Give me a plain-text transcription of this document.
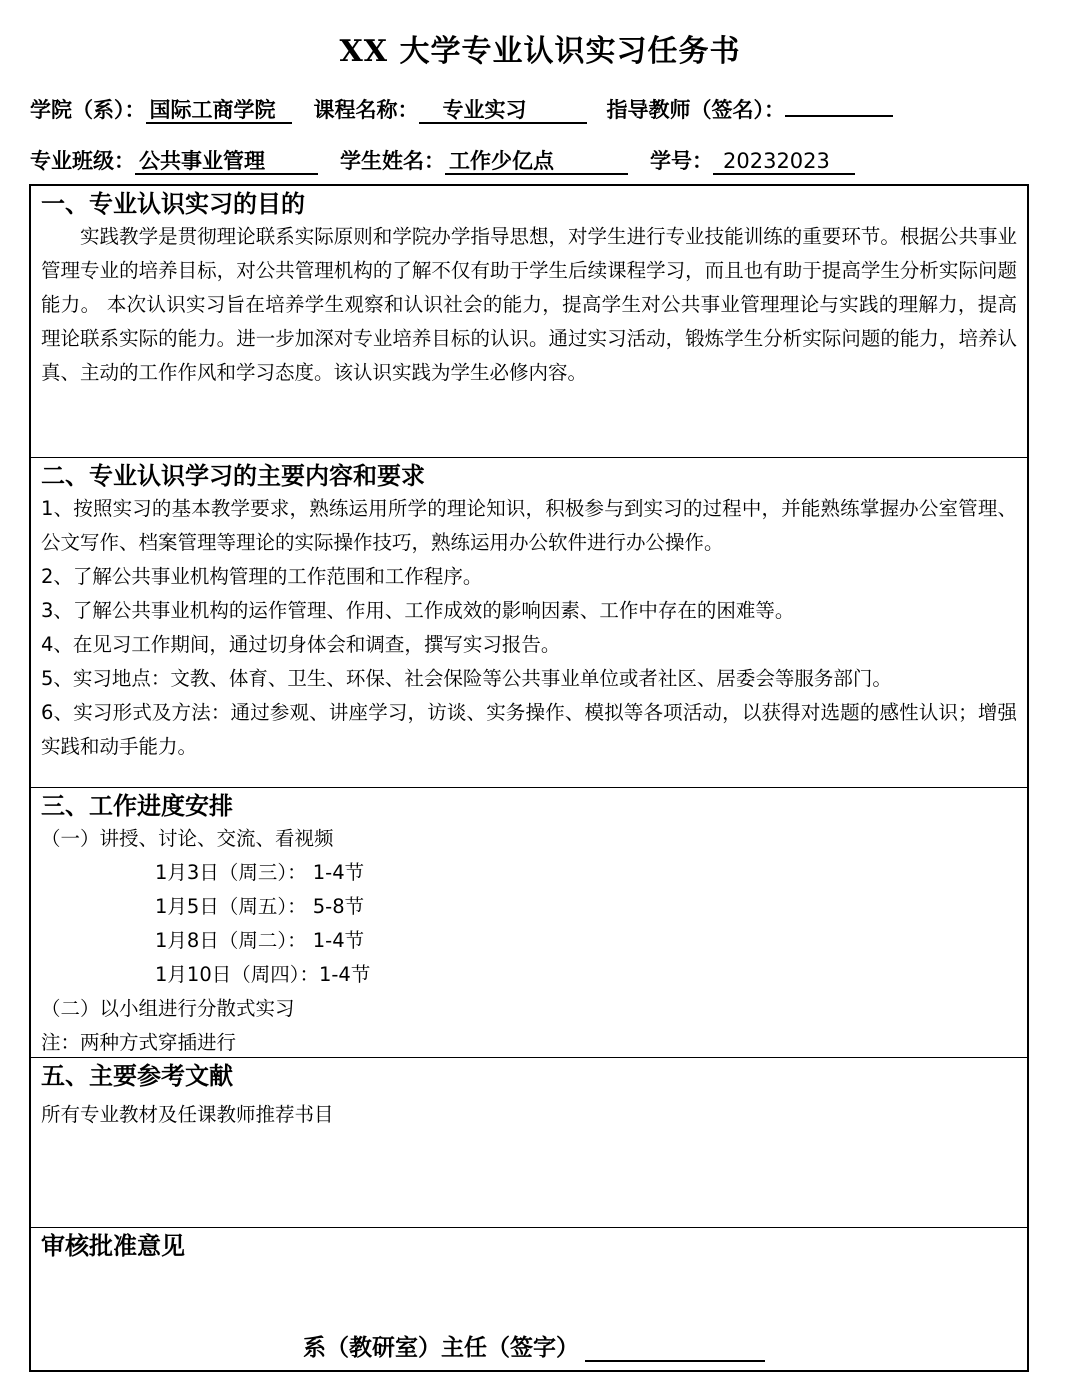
XX 大学专业认识实习任务书
学院（系）： 国际工商学院 课程名称： 专业实习	指导教师（签名）：
专业班级： 公共事业管理	学生姓名： 工作少亿点	学号： 20232023
一、专业认识实习的目的
实践教学是贯彻理论联系实际原则和学院办学指导思想，对学生进行专业技能训练的重要环节。根据公共事业管理专业的培养目标，对公共管理机构的了解不仅有助于学生后续课程学习，而且也有助于提高学生分析实际问题能力。 本次认识实习旨在培养学生观察和认识社会的能力，提高学生对公共事业管理理论与实践的理解力，提高理论联系实际的能力。进一步加深对专业培养目标的认识。通过实习活动，锻炼学生分析实际问题的能力，培养认真、主动的工作作风和学习态度。该认识实践为学生必修内容。
二、专业认识学习的主要内容和要求
1、按照实习的基本教学要求，熟练运用所学的理论知识，积极参与到实习的过程中，并能熟练掌握办公室管理、公文写作、档案管理等理论的实际操作技巧，熟练运用办公软件进行办公操作。
2、了解公共事业机构管理的工作范围和工作程序。
3、了解公共事业机构的运作管理、作用、工作成效的影响因素、工作中存在的困难等。
4、在见习工作期间，通过切身体会和调查，撰写实习报告。
5、实习地点：文教、体育、卫生、环保、社会保险等公共事业单位或者社区、居委会等服务部门。
6、实习形式及方法：通过参观、讲座学习，访谈、实务操作、模拟等各项活动，以获得对选题的感性认识；增强实践和动手能力。
三、工作进度安排
（一）讲授、讨论、交流、看视频
1月3日（周三）： 1-4节
1月5日（周五）： 5-8节
1月8日（周二）： 1-4节
1月10日（周四）：1-4节
（二）以小组进行分散式实习
注：两种方式穿插进行
五、主要参考文献
所有专业教材及任课教师推荐书目
审核批准意见
系（教研室）主任（签字）
